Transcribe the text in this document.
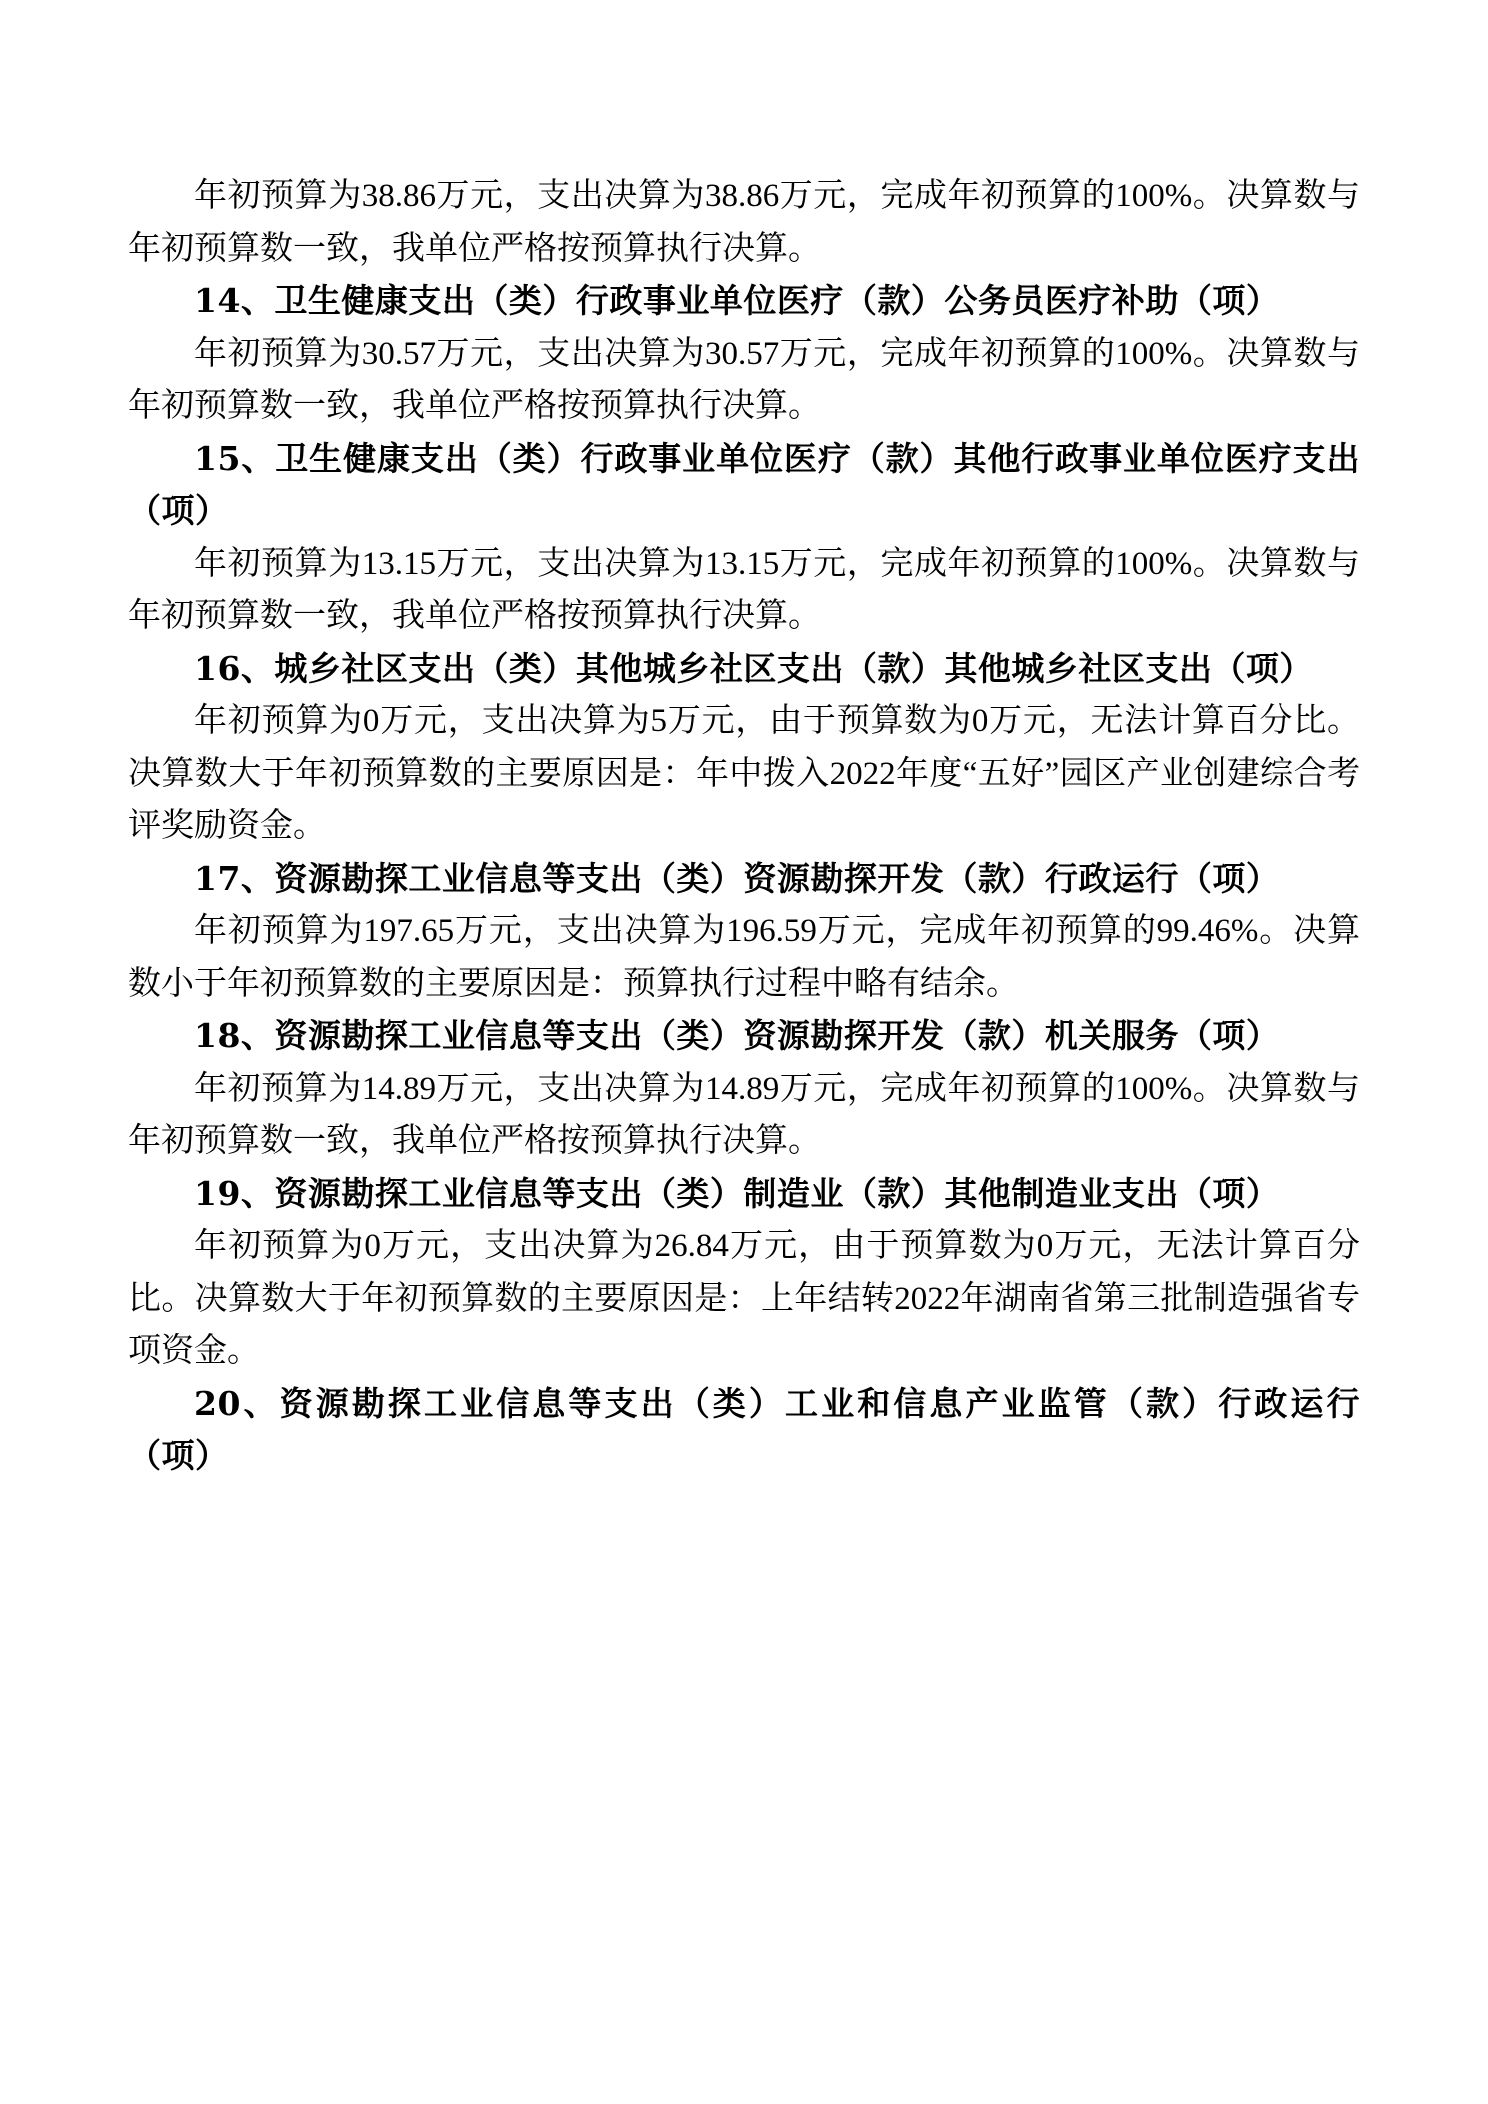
年初预算为38.86万元，支出决算为38.86万元，完成年初预算的100%。决算数与年初预算数一致，我单位严格按预算执行决算。

14、卫生健康支出（类）行政事业单位医疗（款）公务员医疗补助（项）

年初预算为30.57万元，支出决算为30.57万元，完成年初预算的100%。决算数与年初预算数一致，我单位严格按预算执行决算。

15、卫生健康支出（类）行政事业单位医疗（款）其他行政事业单位医疗支出（项）

年初预算为13.15万元，支出决算为13.15万元，完成年初预算的100%。决算数与年初预算数一致，我单位严格按预算执行决算。

16、城乡社区支出（类）其他城乡社区支出（款）其他城乡社区支出（项）

年初预算为0万元，支出决算为5万元，由于预算数为0万元，无法计算百分比。决算数大于年初预算数的主要原因是：年中拨入2022年度“五好”园区产业创建综合考评奖励资金。

17、资源勘探工业信息等支出（类）资源勘探开发（款）行政运行（项）

年初预算为197.65万元，支出决算为196.59万元，完成年初预算的99.46%。决算数小于年初预算数的主要原因是：预算执行过程中略有结余。

18、资源勘探工业信息等支出（类）资源勘探开发（款）机关服务（项）

年初预算为14.89万元，支出决算为14.89万元，完成年初预算的100%。决算数与年初预算数一致，我单位严格按预算执行决算。

19、资源勘探工业信息等支出（类）制造业（款）其他制造业支出（项）

年初预算为0万元，支出决算为26.84万元，由于预算数为0万元，无法计算百分比。决算数大于年初预算数的主要原因是：上年结转2022年湖南省第三批制造强省专项资金。

20、资源勘探工业信息等支出（类）工业和信息产业监管（款）行政运行（项）
